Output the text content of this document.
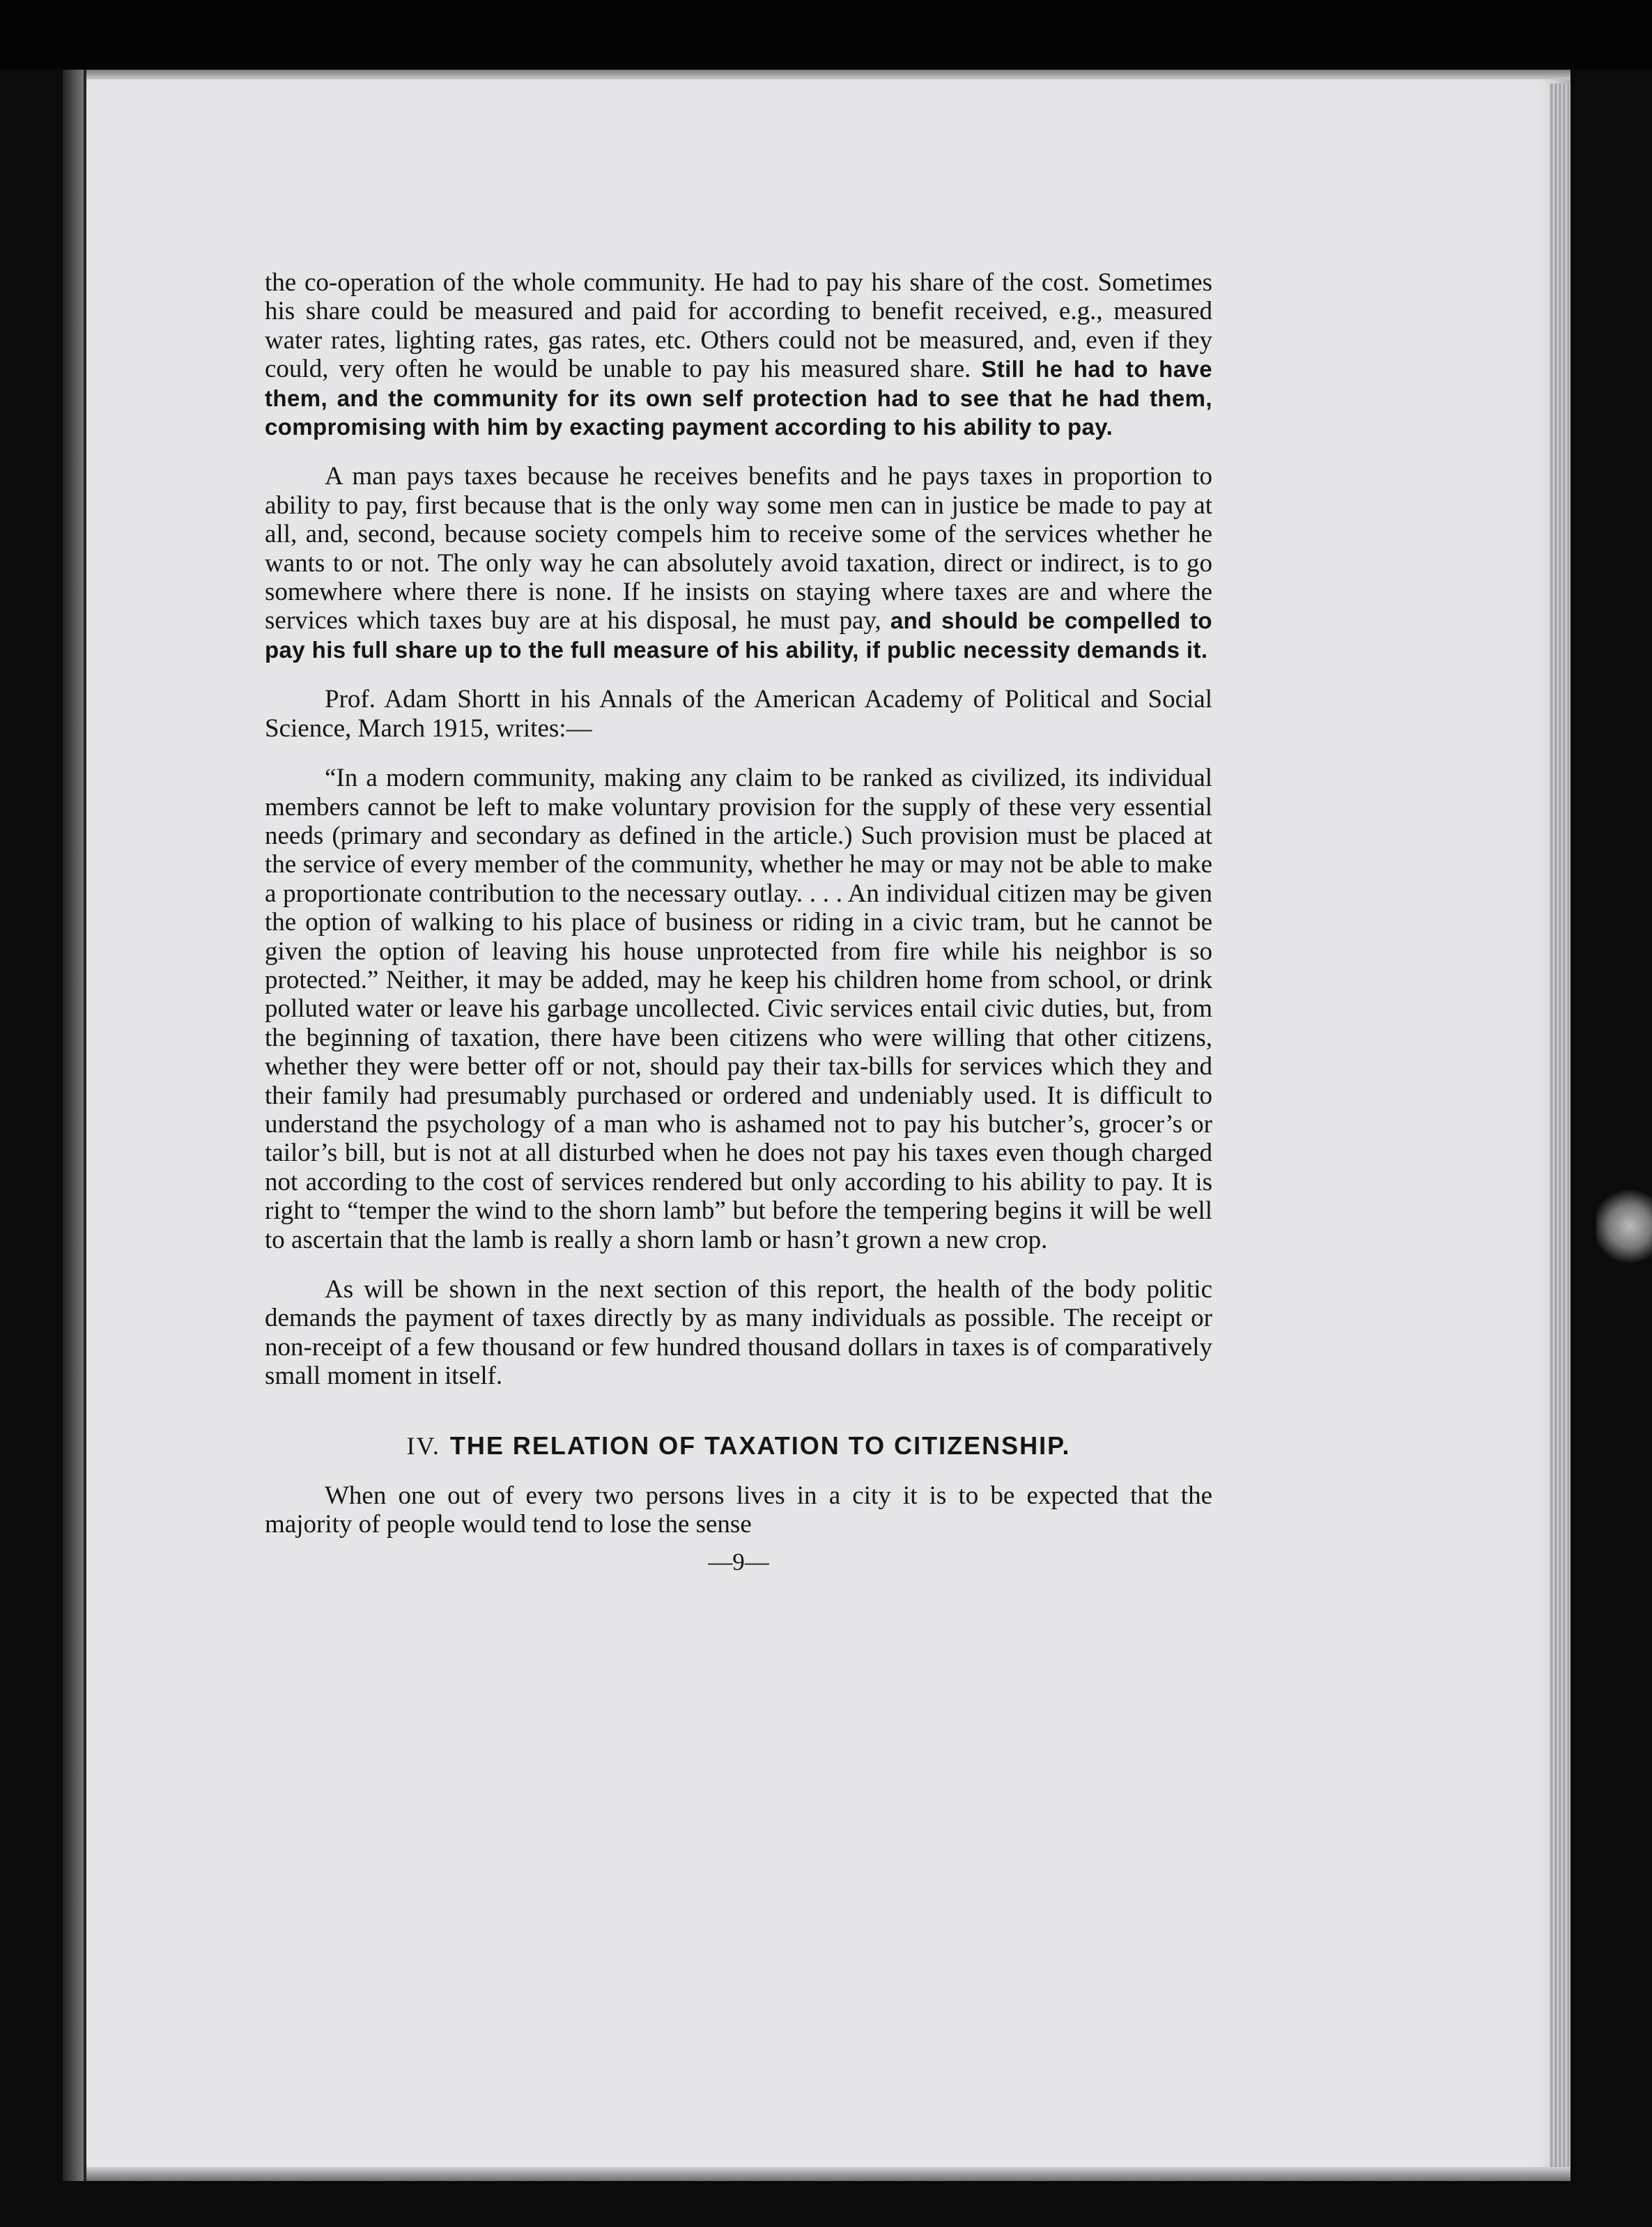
the co-operation of the whole community. He had to pay his share of the cost. Sometimes his share could be measured and paid for according to benefit received, e.g., measured water rates, lighting rates, gas rates, etc. Others could not be measured, and, even if they could, very often he would be unable to pay his measured share. Still he had to have them, and the community for its own self protection had to see that he had them, compromising with him by exacting payment according to his ability to pay.

A man pays taxes because he receives benefits and he pays taxes in proportion to ability to pay, first because that is the only way some men can in justice be made to pay at all, and, second, because society compels him to receive some of the services whether he wants to or not. The only way he can absolutely avoid taxation, direct or indirect, is to go somewhere where there is none. If he insists on staying where taxes are and where the services which taxes buy are at his disposal, he must pay, and should be compelled to pay his full share up to the full measure of his ability, if public necessity demands it.

Prof. Adam Shortt in his Annals of the American Academy of Political and Social Science, March 1915, writes:—

“In a modern community, making any claim to be ranked as civilized, its individual members cannot be left to make voluntary provision for the supply of these very essential needs (primary and secondary as defined in the article.) Such provision must be placed at the service of every member of the community, whether he may or may not be able to make a proportionate contribution to the necessary outlay. . . . An individual citizen may be given the option of walking to his place of business or riding in a civic tram, but he cannot be given the option of leaving his house unprotected from fire while his neighbor is so protected.” Neither, it may be added, may he keep his children home from school, or drink polluted water or leave his garbage uncollected. Civic services entail civic duties, but, from the beginning of taxation, there have been citizens who were willing that other citizens, whether they were better off or not, should pay their tax-bills for services which they and their family had presumably purchased or ordered and undeniably used. It is difficult to understand the psychology of a man who is ashamed not to pay his butcher’s, grocer’s or tailor’s bill, but is not at all disturbed when he does not pay his taxes even though charged not according to the cost of services rendered but only according to his ability to pay. It is right to “temper the wind to the shorn lamb” but before the tempering begins it will be well to ascertain that the lamb is really a shorn lamb or hasn’t grown a new crop.

As will be shown in the next section of this report, the health of the body politic demands the payment of taxes directly by as many individuals as possible. The receipt or non-receipt of a few thousand or few hundred thousand dollars in taxes is of comparatively small moment in itself.

IV. THE RELATION OF TAXATION TO CITIZENSHIP.

When one out of every two persons lives in a city it is to be expected that the majority of people would tend to lose the sense

—9—
